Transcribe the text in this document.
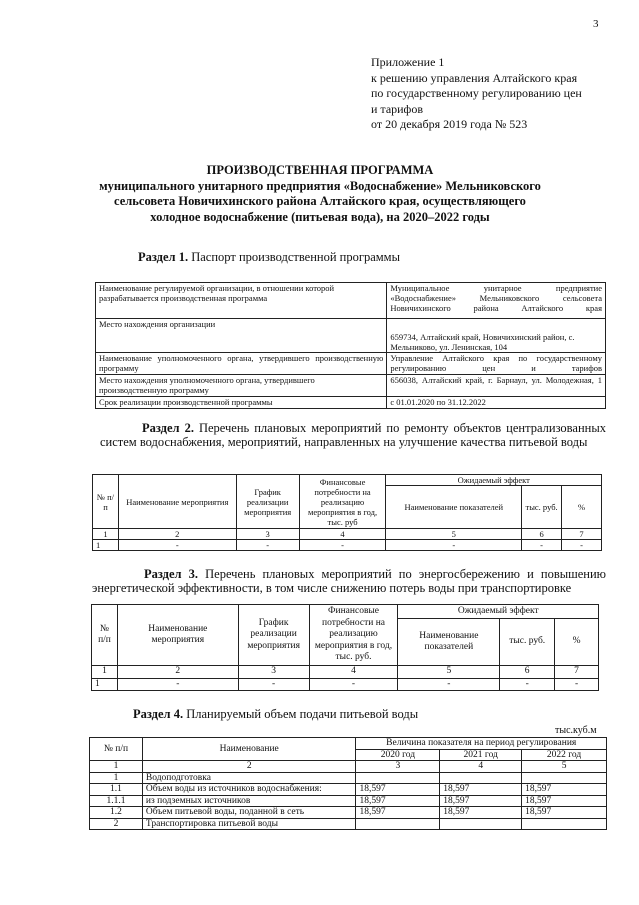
3
Приложение 1
к решению управления Алтайского края
по государственному регулированию цен
и тарифов
от 20 декабря 2019 года № 523
ПРОИЗВОДСТВЕННАЯ ПРОГРАММА
муниципального унитарного предприятия «Водоснабжение» Мельниковского
сельсовета Новичихинского района Алтайского края, осуществляющего
холодное водоснабжение (питьевая вода), на 2020–2022 годы
Раздел 1. Паспорт производственной программы
Наименование регулируемой организации, в отношении которой разрабатывается производственная программа	Муниципальное унитарное предприятие «Водоснабжение» Мельниковского сельсовета Новичихинского района Алтайского края
Место нахождения организации	659734, Алтайский край, Новичихинский район, с. Мельниково, ул. Ленинская, 104
Наименование уполномоченного органа, утвердившего производственную программу	Управление Алтайского края по государственному регулированию цен и тарифов
Место нахождения уполномоченного органа, утвердившего производственную программу	656038, Алтайский край, г. Барнаул, ул. Молодежная, 1
Срок реализации производственной программы	с 01.01.2020 по 31.12.2022
Раздел 2. Перечень плановых мероприятий по ремонту объектов централизованных систем водоснабжения, мероприятий, направленных на улучшение качества питьевой воды
№ п/п	Наименование мероприятия	График реализации мероприятия	Финансовые потребности на реализацию мероприятия в год, тыс. руб	Ожидаемый эффект		
				Наименование показателей	тыс. руб.	%
1	2	3	4	5	6	7
1	-	-	-	-	-	-
Раздел 3. Перечень плановых мероприятий по энергосбережению и повышению энергетической эффективности, в том числе снижению потерь воды при транспортировке
№ п/п	Наименование мероприятия	График реализации мероприятия	Финансовые потребности на реализацию мероприятия в год, тыс. руб.	Ожидаемый эффект		
				Наименование показателей	тыс. руб.	%
1	2	3	4	5	6	7
1	-	-	-	-	-	-
Раздел 4. Планируемый объем подачи питьевой воды
тыс.куб.м
№ п/п	Наименование	Величина показателя на период регулирования		
		2020 год	2021 год	2022 год
1	2	3	4	5
1	Водоподготовка			
1.1	Объем воды из источников водоснабжения:	18,597	18,597	18,597
1.1.1	из подземных источников	18,597	18,597	18,597
1.2	Объем питьевой воды, поданной в сеть	18,597	18,597	18,597
2	Транспортировка питьевой воды			
